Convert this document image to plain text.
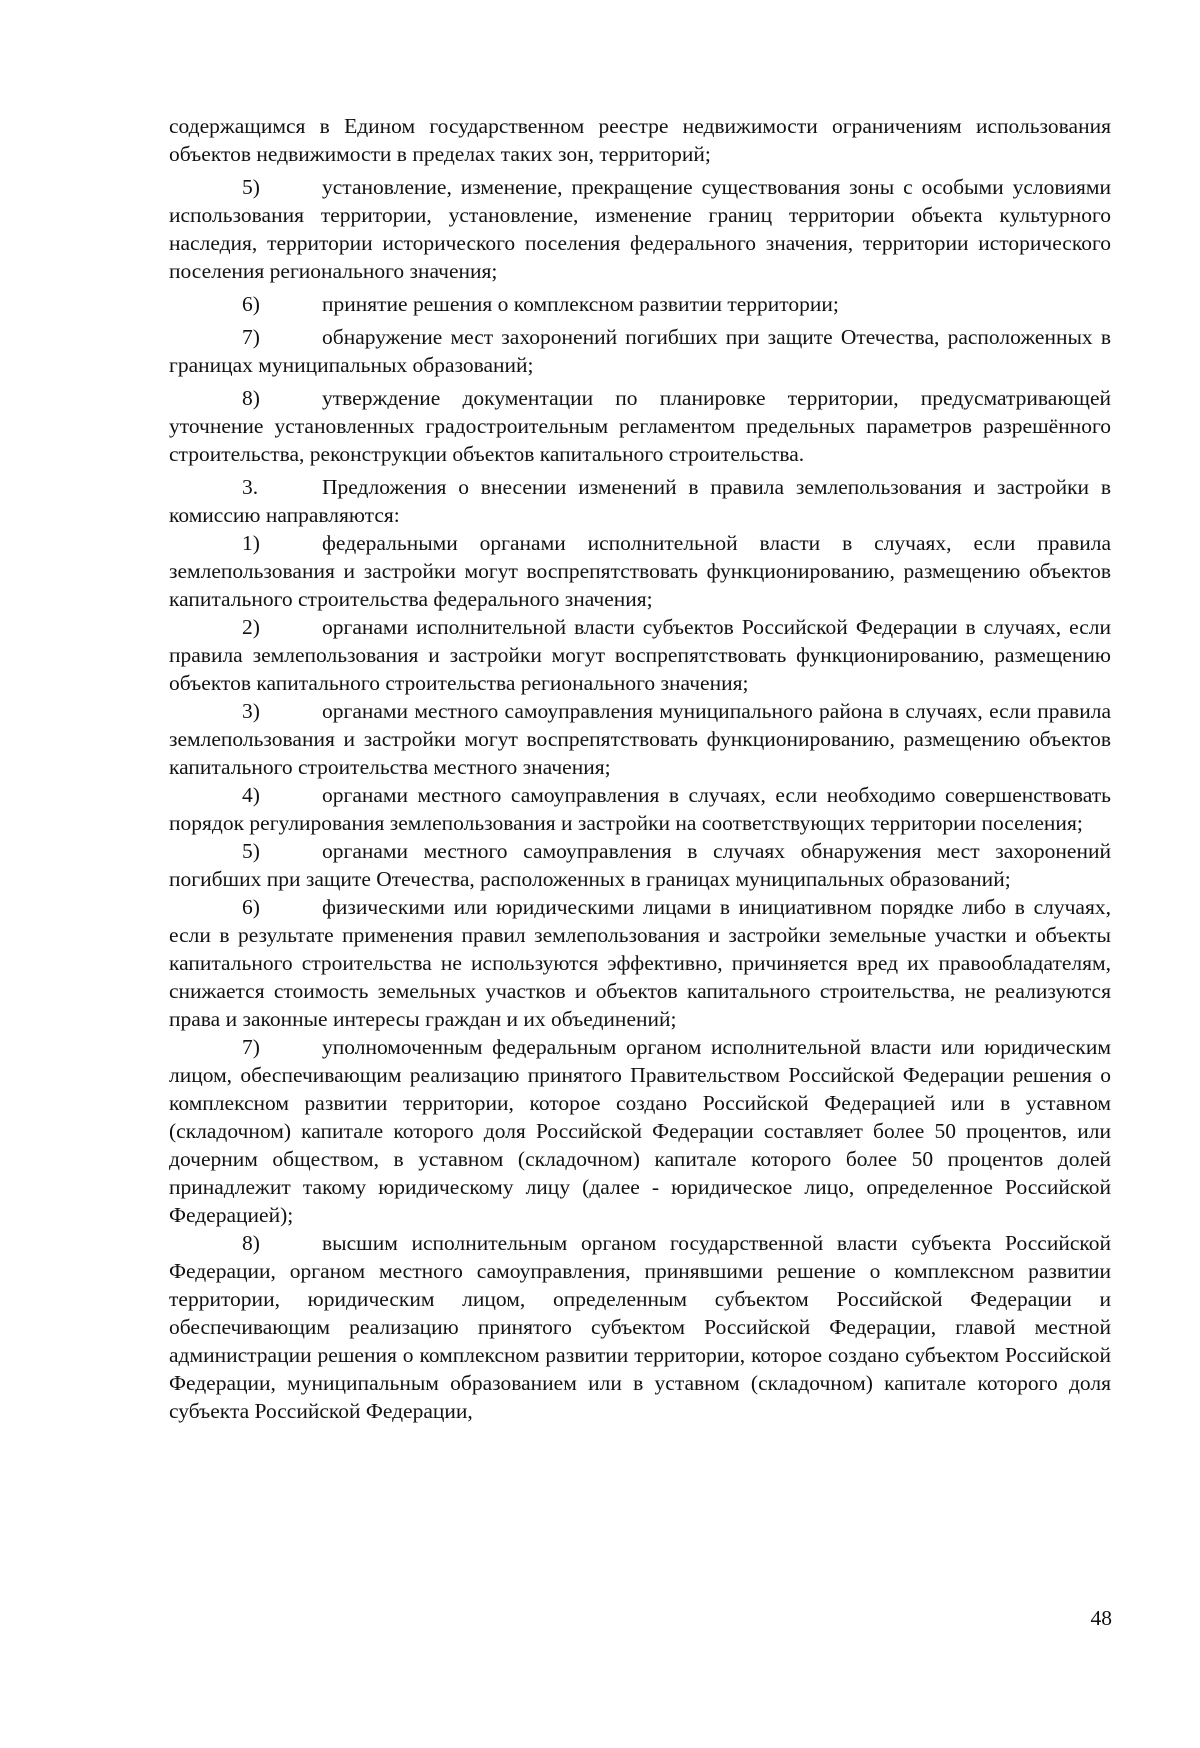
содержащимся в Едином государственном реестре недвижимости ограничениям использования объектов недвижимости в пределах таких зон, территорий;

5)	установление, изменение, прекращение существования зоны с особыми условиями использования территории, установление, изменение границ территории объекта культурного наследия, территории исторического поселения федерального значения, территории исторического поселения регионального значения;

6)	принятие решения о комплексном развитии территории;

7)	обнаружение мест захоронений погибших при защите Отечества, расположенных в границах муниципальных образований;

8)	утверждение документации по планировке территории, предусматривающей уточнение установленных градостроительным регламентом предельных параметров разрешённого строительства, реконструкции объектов капитального строительства.

3.	Предложения о внесении изменений в правила землепользования и застройки в комиссию направляются:

1)	федеральными органами исполнительной власти в случаях, если правила землепользования и застройки могут воспрепятствовать функционированию, размещению объектов капитального строительства федерального значения;

2)	органами исполнительной власти субъектов Российской Федерации в случаях, если правила землепользования и застройки могут воспрепятствовать функционированию, размещению объектов капитального строительства регионального значения;

3)	органами местного самоуправления муниципального района в случаях, если правила землепользования и застройки могут воспрепятствовать функционированию, размещению объектов капитального строительства местного значения;

4)	органами местного самоуправления в случаях, если необходимо совершенствовать порядок регулирования землепользования и застройки на соответствующих территории поселения;

5)	органами местного самоуправления в случаях обнаружения мест захоронений погибших при защите Отечества, расположенных в границах муниципальных образований;

6)	физическими или юридическими лицами в инициативном порядке либо в случаях, если в результате применения правил землепользования и застройки земельные участки и объекты капитального строительства не используются эффективно, причиняется вред их правообладателям, снижается стоимость земельных участков и объектов капитального строительства, не реализуются права и законные интересы граждан и их объединений;

7)	уполномоченным федеральным органом исполнительной власти или юридическим лицом, обеспечивающим реализацию принятого Правительством Российской Федерации решения о комплексном развитии территории, которое создано Российской Федерацией или в уставном (складочном) капитале которого доля Российской Федерации составляет более 50 процентов, или дочерним обществом, в уставном (складочном) капитале которого более 50 процентов долей принадлежит такому юридическому лицу (далее - юридическое лицо, определенное Российской Федерацией);

8)	высшим исполнительным органом государственной власти субъекта Российской Федерации, органом местного самоуправления, принявшими решение о комплексном развитии территории, юридическим лицом, определенным субъектом Российской Федерации и обеспечивающим реализацию принятого субъектом Российской Федерации, главой местной администрации решения о комплексном развитии территории, которое создано субъектом Российской Федерации, муниципальным образованием или в уставном (складочном) капитале которого доля субъекта Российской Федерации,

48
